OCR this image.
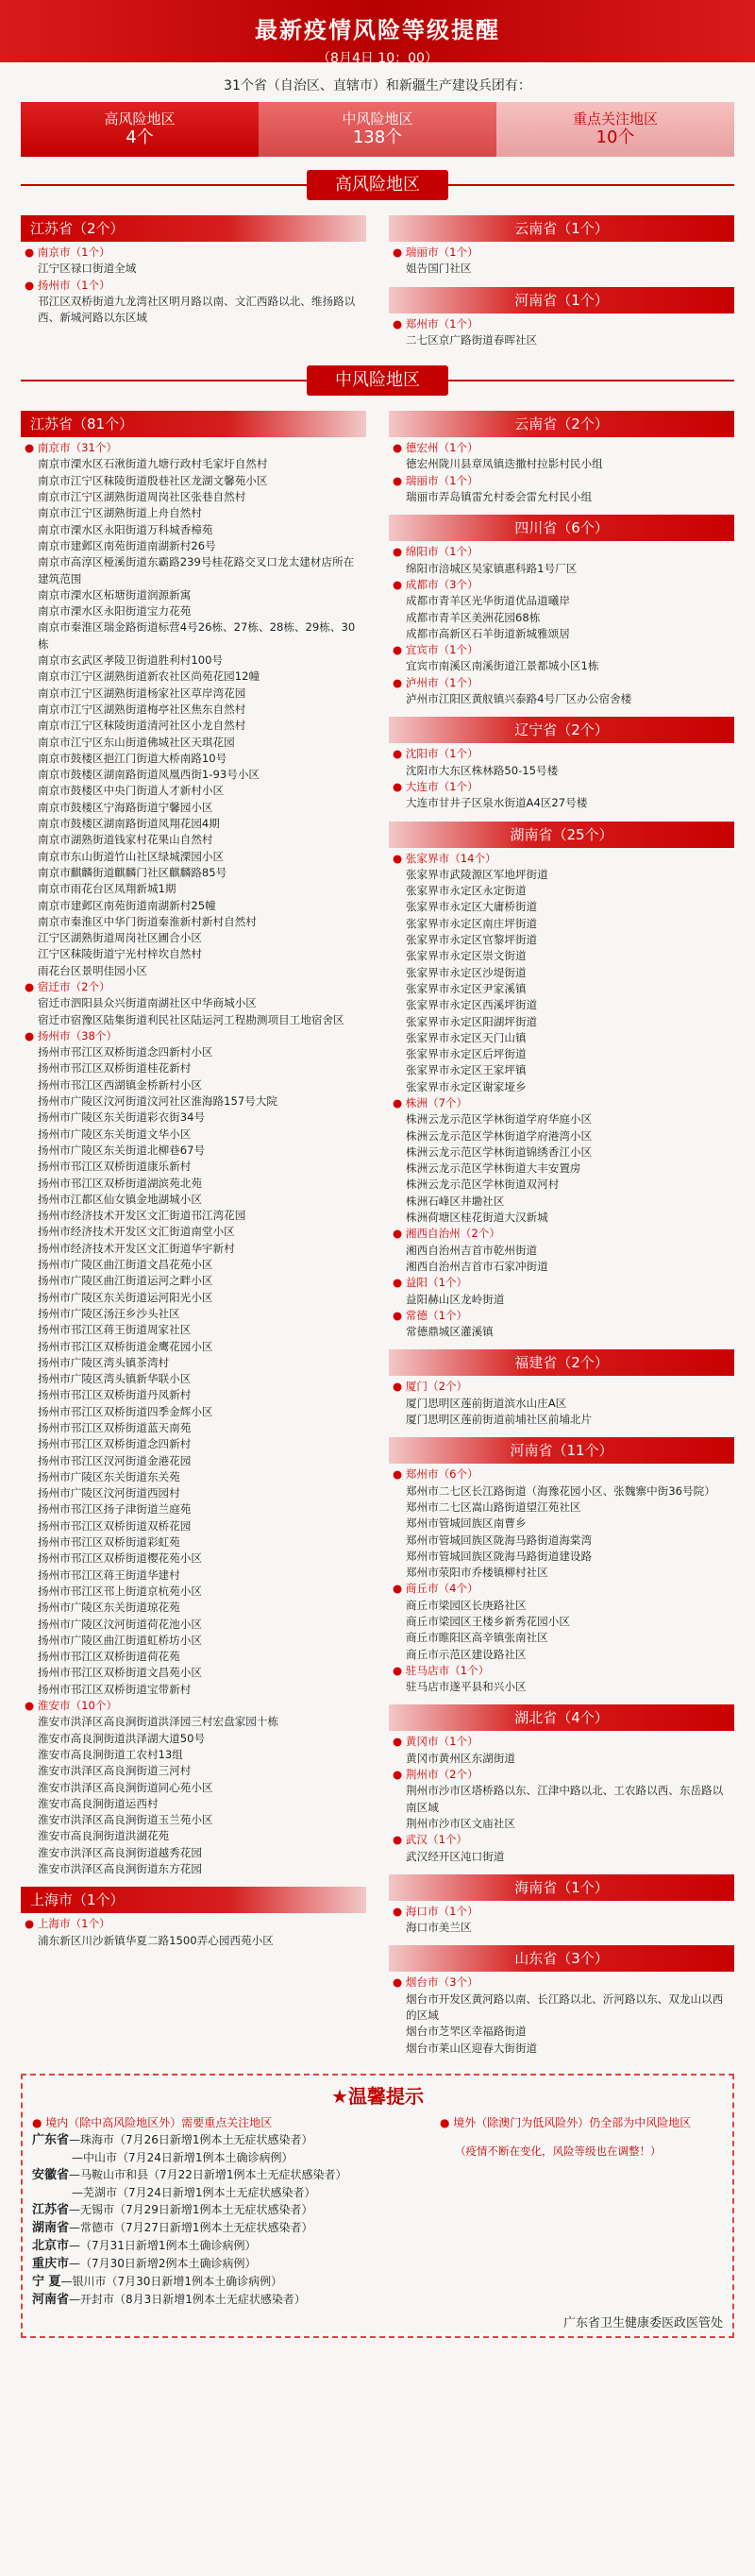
最新疫情风险等级提醒
（8月4日 10：00）
31个省（自治区、直辖市）和新疆生产建设兵团有：
高风险地区
4个
中风险地区
138个
重点关注地区
10个
高风险地区
江苏省（2个）
● 南京市（1个）
江宁区禄口街道全域
● 扬州市（1个）
邗江区双桥街道九龙湾社区明月路以南、文汇西路以北、维扬路以西、新城河路以东区域
云南省（1个）
● 瑞丽市（1个）
姐告国门社区
河南省（1个）
● 郑州市（1个）
二七区京广路街道春晖社区
中风险地区
江苏省（81个）
● 南京市（31个）
南京市溧水区石湫街道九塘行政村毛家圩自然村
南京市江宁区秣陵街道殷巷社区龙湖文馨苑小区
南京市江宁区湖熟街道周岗社区张巷自然村
南京市江宁区湖熟街道上舟自然村
南京市溧水区永阳街道万科城香樟苑
南京市建邺区南苑街道南湖新村26号
南京市高淳区桠溪街道东霸路239号桂花路交叉口龙太建材店所在建筑范围
南京市溧水区柘塘街道润源新寓
南京市溧水区永阳街道宝力花苑
南京市秦淮区瑞金路街道标营4号26栋、27栋、28栋、29栋、30栋
南京市玄武区孝陵卫街道胜利村100号
南京市江宁区湖熟街道新农社区尚苑花园12幢
南京市江宁区湖熟街道杨家社区草岸湾花园
南京市江宁区湖熟街道梅亭社区焦东自然村
南京市江宁区秣陵街道清河社区小龙自然村
南京市江宁区东山街道佛城社区天琪花园
南京市鼓楼区挹江门街道大桥南路10号
南京市鼓楼区湖南路街道凤凰西街1-93号小区
南京市鼓楼区中央门街道人才新村小区
南京市鼓楼区宁海路街道宁馨园小区
南京市鼓楼区湖南路街道凤翔花园4期
南京市湖熟街道钱家村花果山自然村
南京市东山街道竹山社区绿城溧园小区
南京市麒麟街道麒麟门社区麒麟路85号
南京市雨花台区凤翔新城1期
南京市建邺区南苑街道南湖新村25幢
南京市秦淮区中华门街道秦淮新村新村自然村
江宁区湖熟街道周岗社区圃合小区
江宁区秣陵街道宁光村梓坎自然村
雨花台区景明佳园小区
● 宿迁市（2个）
宿迁市泗阳县众兴街道南湖社区中华商城小区
宿迁市宿豫区陆集街道利民社区陆运河工程勘测项目工地宿舍区
● 扬州市（38个）
扬州市邗江区双桥街道念四新村小区
扬州市邗江区双桥街道桂花新村
扬州市邗江区西湖镇金桥新村小区
扬州市广陵区汶河街道汶河社区淮海路157号大院
扬州市广陵区东关街道彩衣街34号
扬州市广陵区东关街道文华小区
扬州市广陵区东关街道北柳巷67号
扬州市邗江区双桥街道康乐新村
扬州市邗江区双桥街道湖滨苑北苑
扬州市江都区仙女镇金地湖城小区
扬州市经济技术开发区文汇街道邗江湾花园
扬州市经济技术开发区文汇街道南堂小区
扬州市经济技术开发区文汇街道华宇新村
扬州市广陵区曲江街道文昌花苑小区
扬州市广陵区曲江街道运河之畔小区
扬州市广陵区东关街道运河阳光小区
扬州市广陵区汤汪乡沙头社区
扬州市邗江区蒋王街道周家社区
扬州市邗江区双桥街道金鹰花园小区
扬州市广陵区湾头镇茶湾村
扬州市广陵区湾头镇新华联小区
扬州市邗江区双桥街道丹凤新村
扬州市邗江区双桥街道四季金辉小区
扬州市邗江区双桥街道蓝天南苑
扬州市邗江区双桥街道念四新村
扬州市邗江区汊河街道金港花园
扬州市广陵区东关街道东关苑
扬州市广陵区汶河街道西园村
扬州市邗江区扬子津街道兰庭苑
扬州市邗江区双桥街道双桥花园
扬州市邗江区双桥街道彩虹苑
扬州市邗江区双桥街道樱花苑小区
扬州市邗江区蒋王街道华建村
扬州市邗江区邗上街道京杭苑小区
扬州市广陵区东关街道琼花苑
扬州市广陵区汶河街道荷花池小区
扬州市广陵区曲江街道虹桥坊小区
扬州市邗江区双桥街道荷花苑
扬州市邗江区双桥街道文昌苑小区
扬州市邗江区双桥街道宝带新村
● 淮安市（10个）
淮安市洪泽区高良涧街道洪泽园三村宏盘家园十栋
淮安市高良涧街道洪泽湖大道50号
淮安市高良涧街道工农村13组
淮安市洪泽区高良涧街道三河村
淮安市洪泽区高良涧街道同心苑小区
淮安市高良涧街道运西村
淮安市洪泽区高良涧街道玉兰苑小区
淮安市高良涧街道洪湖花苑
淮安市洪泽区高良涧街道越秀花园
淮安市洪泽区高良涧街道东方花园
上海市（1个）
● 上海市（1个）
浦东新区川沙新镇华夏二路1500弄心园西苑小区
云南省（2个）
● 德宏州（1个）
德宏州陇川县章凤镇迭撒村拉影村民小组
● 瑞丽市（1个）
瑞丽市弄岛镇雷允村委会雷允村民小组
四川省（6个）
● 绵阳市（1个）
绵阳市涪城区吴家镇惠科路1号厂区
● 成都市（3个）
成都市青羊区光华街道优品道曦岸
成都市青羊区美洲花园68栋
成都市高新区石羊街道新城雅颂居
● 宜宾市（1个）
宜宾市南溪区南溪街道江景都城小区1栋
● 泸州市（1个）
泸州市江阳区黄舣镇兴泰路4号厂区办公宿舍楼
辽宁省（2个）
● 沈阳市（1个）
沈阳市大东区株林路50-15号楼
● 大连市（1个）
大连市甘井子区泉水街道A4区27号楼
湖南省（25个）
● 张家界市（14个）
张家界市武陵源区军地坪街道
张家界市永定区永定街道
张家界市永定区大庸桥街道
张家界市永定区南庄坪街道
张家界市永定区官黎坪街道
张家界市永定区崇文街道
张家界市永定区沙堤街道
张家界市永定区尹家溪镇
张家界市永定区西溪坪街道
张家界市永定区阳湖坪街道
张家界市永定区天门山镇
张家界市永定区后坪街道
张家界市永定区王家坪镇
张家界市永定区谢家垭乡
● 株洲（7个）
株洲云龙示范区学林街道学府华庭小区
株洲云龙示范区学林街道学府港湾小区
株洲云龙示范区学林街道锦绣香江小区
株洲云龙示范区学林街道大丰安置房
株洲云龙示范区学林街道双河村
株洲石峰区井墈社区
株洲荷塘区桂花街道大汉新城
● 湘西自治州（2个）
湘西自治州吉首市乾州街道
湘西自治州吉首市石家冲街道
● 益阳（1个）
益阳赫山区龙岭街道
● 常德（1个）
常德鼎城区灌溪镇
福建省（2个）
● 厦门（2个）
厦门思明区莲前街道滨水山庄A区
厦门思明区莲前街道前埔社区前埔北片
河南省（11个）
● 郑州市（6个）
郑州市二七区长江路街道（海豫花园小区、张魏寨中街36号院）
郑州市二七区嵩山路街道望江苑社区
郑州市管城回族区南曹乡
郑州市管城回族区陇海马路街道海棠湾
郑州市管城回族区陇海马路街道建设路
郑州市荥阳市乔楼镇柳村社区
● 商丘市（4个）
商丘市梁园区长庚路社区
商丘市梁园区王楼乡新秀花园小区
商丘市睢阳区高辛镇张南社区
商丘市示范区建设路社区
● 驻马店市（1个）
驻马店市遂平县和兴小区
湖北省（4个）
● 黄冈市（1个）
黄冈市黄州区东湖街道
● 荆州市（2个）
荆州市沙市区塔桥路以东、江津中路以北、工农路以西、东岳路以南区域
荆州市沙市区文庙社区
● 武汉（1个）
武汉经开区沌口街道
海南省（1个）
● 海口市（1个）
海口市美兰区
山东省（3个）
● 烟台市（3个）
烟台市开发区黄河路以南、长江路以北、沂河路以东、双龙山以西的区域
烟台市芝罘区幸福路街道
烟台市莱山区迎春大街街道
★温馨提示
● 境内（除中高风险地区外）需要重点关注地区
广东省—珠海市（7月26日新增1例本土无症状感染者）
—中山市（7月24日新增1例本土确诊病例）
安徽省—马鞍山市和县（7月22日新增1例本土无症状感染者）
—芜湖市（7月24日新增1例本土无症状感染者）
江苏省—无锡市（7月29日新增1例本土无症状感染者）
湖南省—常德市（7月27日新增1例本土无症状感染者）
北京市—（7月31日新增1例本土确诊病例）
重庆市—（7月30日新增2例本土确诊病例）
宁 夏—银川市（7月30日新增1例本土确诊病例）
河南省—开封市（8月3日新增1例本土无症状感染者）
● 境外（除澳门为低风险外）仍全部为中风险地区
（疫情不断在变化，风险等级也在调整！）
广东省卫生健康委医政医管处
